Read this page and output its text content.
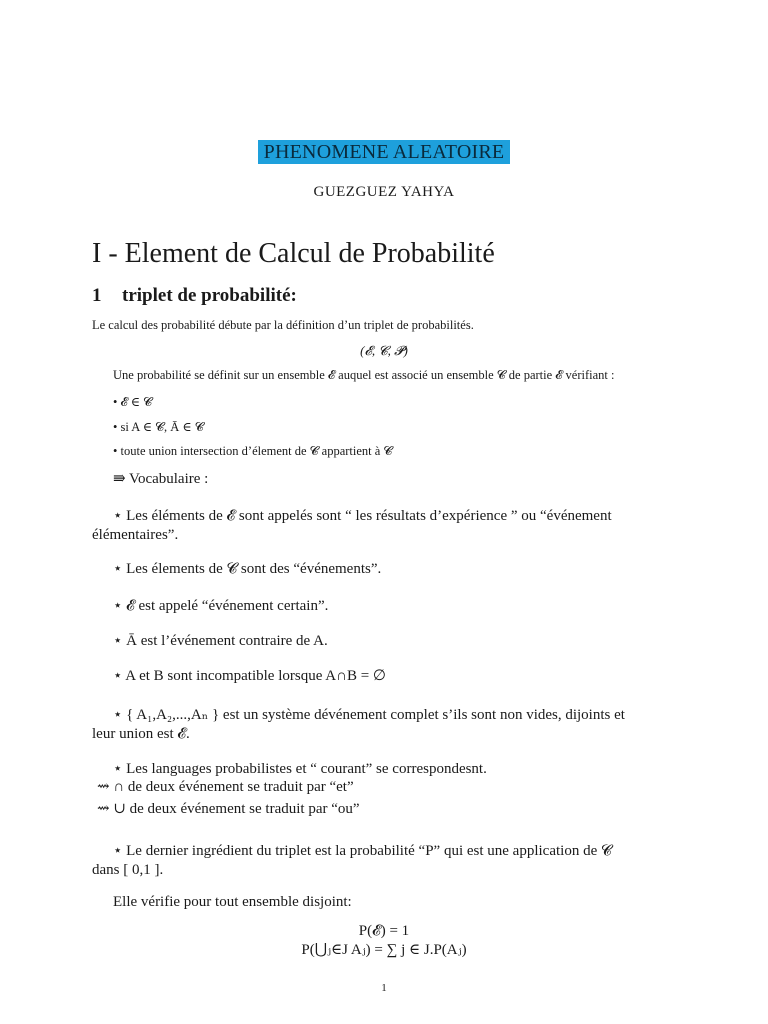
PHENOMENE ALEATOIRE
GUEZGUEZ YAHYA
I - Element de Calcul de Probabilité
1 triplet de probabilité:
Le calcul des probabilité débute par la définition d’un triplet de probabilités.
(𝓔, 𝓒, 𝓟)
Une probabilité se définit sur un ensemble 𝓔 auquel est associé un ensemble 𝓒 de partie 𝓔 vérifiant :
• 𝓔 ∈ 𝓒
• si A ∈ 𝓒, Ā ∈ 𝓒
• toute union intersection d’élement de 𝓒 appartient à 𝓒
⇛ Vocabulaire :
⋆ Les éléments de 𝓔 sont appelés sont “ les résultats d’expérience ” ou “événement
élémentaires”.
⋆ Les élements de 𝓒 sont des “événements”.
⋆ 𝓔 est appelé “événement certain”.
⋆ Ā est l’événement contraire de A.
⋆ A et B sont incompatible lorsque A∩B = ∅
⋆ { A₁,A₂,...,Aₙ } est un système dévénement complet s’ils sont non vides, dijoints et
leur union est 𝓔.
⋆ Les languages probabilistes et “ courant” se correspondesnt.
⇝ ∩ de deux événement se traduit par “et”
⇝ ∪ de deux événement se traduit par “ou”
⋆ Le dernier ingrédient du triplet est la probabilité “P” qui est une application de 𝓒
dans [ 0,1 ].
Elle vérifie pour tout ensemble disjoint:
P(𝓔) = 1
P(⋃ⱼ∈J Aⱼ) = ∑ j ∈ J.P(Aⱼ)
1
